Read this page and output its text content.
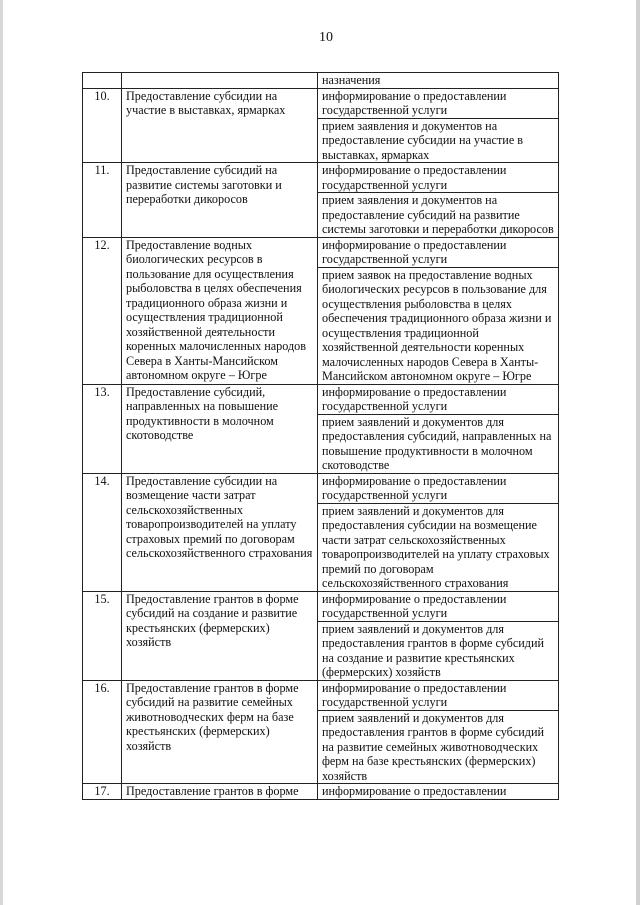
10
		назначения
10.	Предоставление субсидии на участие в выставках, ярмарках	информирование о предоставлении государственной услуги
		прием заявления и документов на предоставление субсидии на участие в выставках, ярмарках
11.	Предоставление субсидий на развитие системы заготовки и переработки дикоросов	информирование о предоставлении государственной услуги
		прием заявления и документов на предоставление субсидий на развитие системы заготовки и переработки дикоросов
12.	Предоставление водных биологических ресурсов в пользование для осуществления рыболовства в целях обеспечения традиционного образа жизни и осуществления традиционной хозяйственной деятельности коренных малочисленных народов Севера в Ханты-Мансийском автономном округе – Югре	информирование о предоставлении государственной услуги
		прием заявок на предоставление водных биологических ресурсов в пользование для осуществления рыболовства в целях обеспечения традиционного образа жизни и осуществления традиционной хозяйственной деятельности коренных малочисленных народов Севера в Ханты-Мансийском автономном округе – Югре
13.	Предоставление субсидий, направленных на повышение продуктивности в молочном скотоводстве	информирование о предоставлении государственной услуги
		прием заявлений и документов для предоставления субсидий, направленных на повышение продуктивности в молочном скотоводстве
14.	Предоставление субсидии на возмещение части затрат сельскохозяйственных товаропроизводителей на уплату страховых премий по договорам сельскохозяйственного страхования	информирование о предоставлении государственной услуги
		прием заявлений и документов для предоставления субсидии на возмещение части затрат сельскохозяйственных товаропроизводителей на уплату страховых премий по договорам сельскохозяйственного страхования
15.	Предоставление грантов в форме субсидий на создание и развитие крестьянских (фермерских) хозяйств	информирование о предоставлении государственной услуги
		прием заявлений и документов для предоставления грантов в форме субсидий на создание и развитие крестьянских (фермерских) хозяйств
16.	Предоставление грантов в форме субсидий на развитие семейных животноводческих ферм на базе крестьянских (фермерских) хозяйств	информирование о предоставлении государственной услуги
		прием заявлений и документов для предоставления грантов в форме субсидий на развитие семейных животноводческих ферм на базе крестьянских (фермерских) хозяйств
17.	Предоставление грантов в форме	информирование о предоставлении
